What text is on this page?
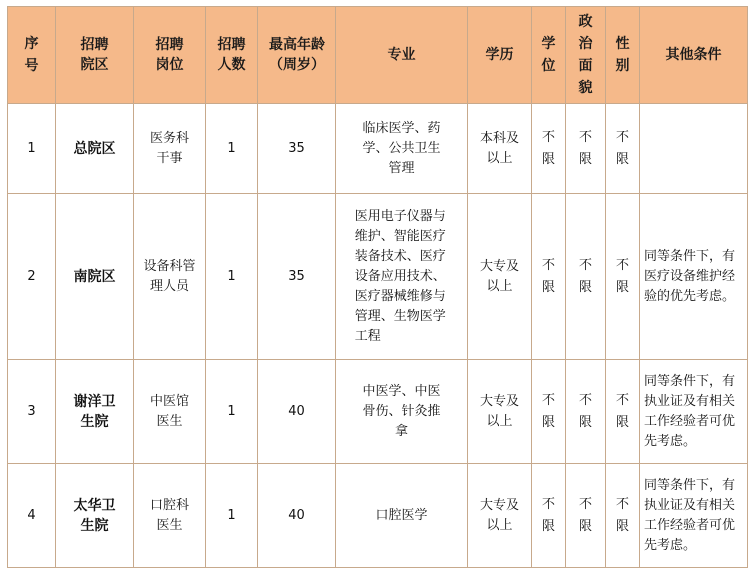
序号	招聘院区	招聘岗位	招聘人数	最高年龄（周岁）	专业	学历	学位	政治面貌	性别	其他条件
1	总院区	医务科干事	1	35	临床医学、药学、公共卫生管理	本科及以上	不限	不限	不限	

2	南院区	设备科管理人员	1	35	医用电子仪器与维护、智能医疗装备技术、医疗设备应用技术、医疗器械维修与管理、生物医学工程	大专及以上	不限	不限	不限	同等条件下，有医疗设备维护经验的优先考虑。

3	谢洋卫生院	中医馆医生	1	40	中医学、中医骨伤、针灸推拿	大专及以上	不限	不限	不限	同等条件下，有执业证及有相关工作经验者可优先考虑。

4	太华卫生院	口腔科医生	1	40	口腔医学	大专及以上	不限	不限	不限	同等条件下，有执业证及有相关工作经验者可优先考虑。
